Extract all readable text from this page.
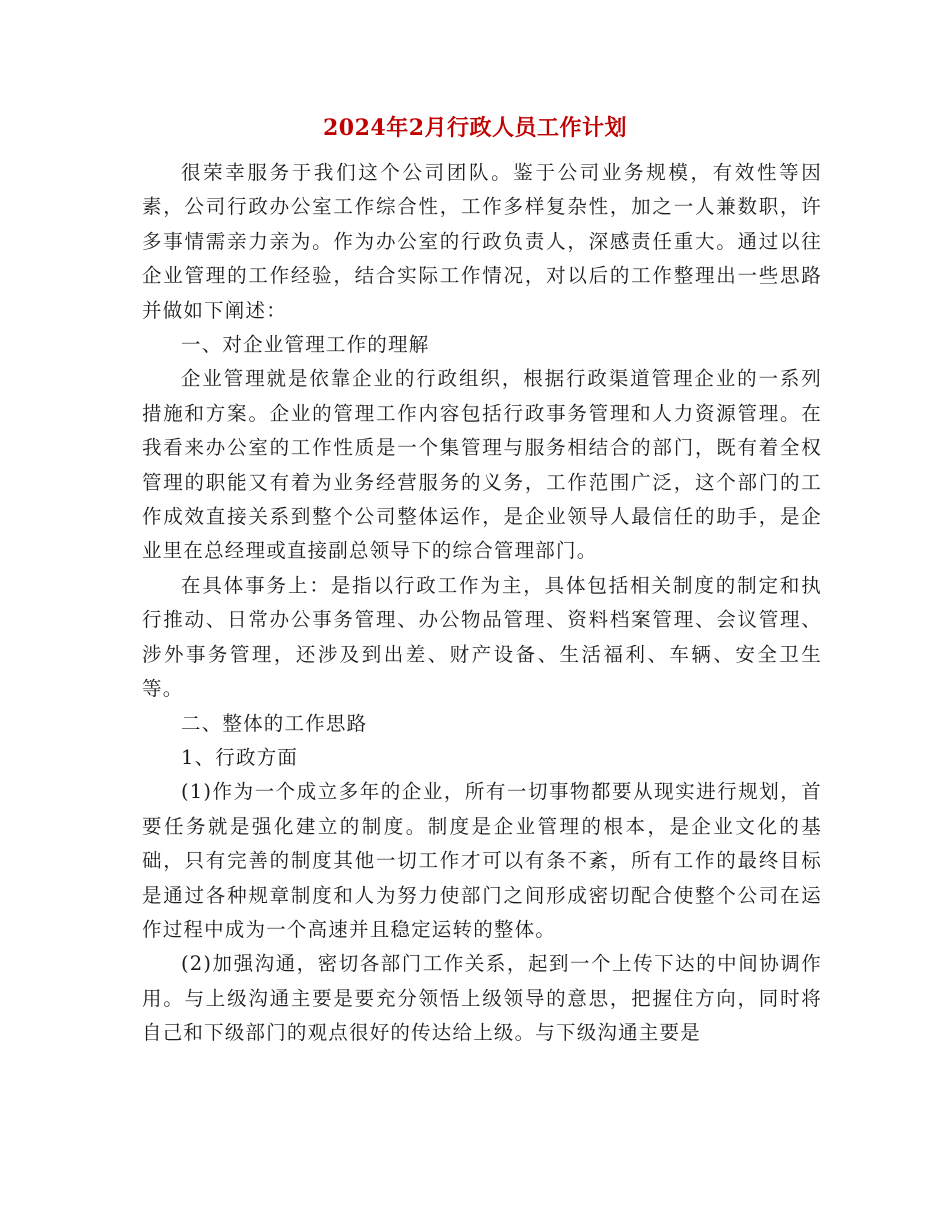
2024年2月行政人员工作计划

很荣幸服务于我们这个公司团队。鉴于公司业务规模，有效性等因素，公司行政办公室工作综合性，工作多样复杂性，加之一人兼数职，许多事情需亲力亲为。作为办公室的行政负责人，深感责任重大。通过以往企业管理的工作经验，结合实际工作情况，对以后的工作整理出一些思路并做如下阐述：

一、对企业管理工作的理解

企业管理就是依靠企业的行政组织，根据行政渠道管理企业的一系列措施和方案。企业的管理工作内容包括行政事务管理和人力资源管理。在我看来办公室的工作性质是一个集管理与服务相结合的部门，既有着全权管理的职能又有着为业务经营服务的义务，工作范围广泛，这个部门的工作成效直接关系到整个公司整体运作，是企业领导人最信任的助手，是企业里在总经理或直接副总领导下的综合管理部门。

在具体事务上：是指以行政工作为主，具体包括相关制度的制定和执行推动、日常办公事务管理、办公物品管理、资料档案管理、会议管理、涉外事务管理，还涉及到出差、财产设备、生活福利、车辆、安全卫生等。

二、整体的工作思路

1、行政方面

(1)作为一个成立多年的企业，所有一切事物都要从现实进行规划，首要任务就是强化建立的制度。制度是企业管理的根本，是企业文化的基础，只有完善的制度其他一切工作才可以有条不紊，所有工作的最终目标是通过各种规章制度和人为努力使部门之间形成密切配合使整个公司在运作过程中成为一个高速并且稳定运转的整体。

(2)加强沟通，密切各部门工作关系，起到一个上传下达的中间协调作用。与上级沟通主要是要充分领悟上级领导的意思，把握住方向，同时将自己和下级部门的观点很好的传达给上级。与下级沟通主要是
